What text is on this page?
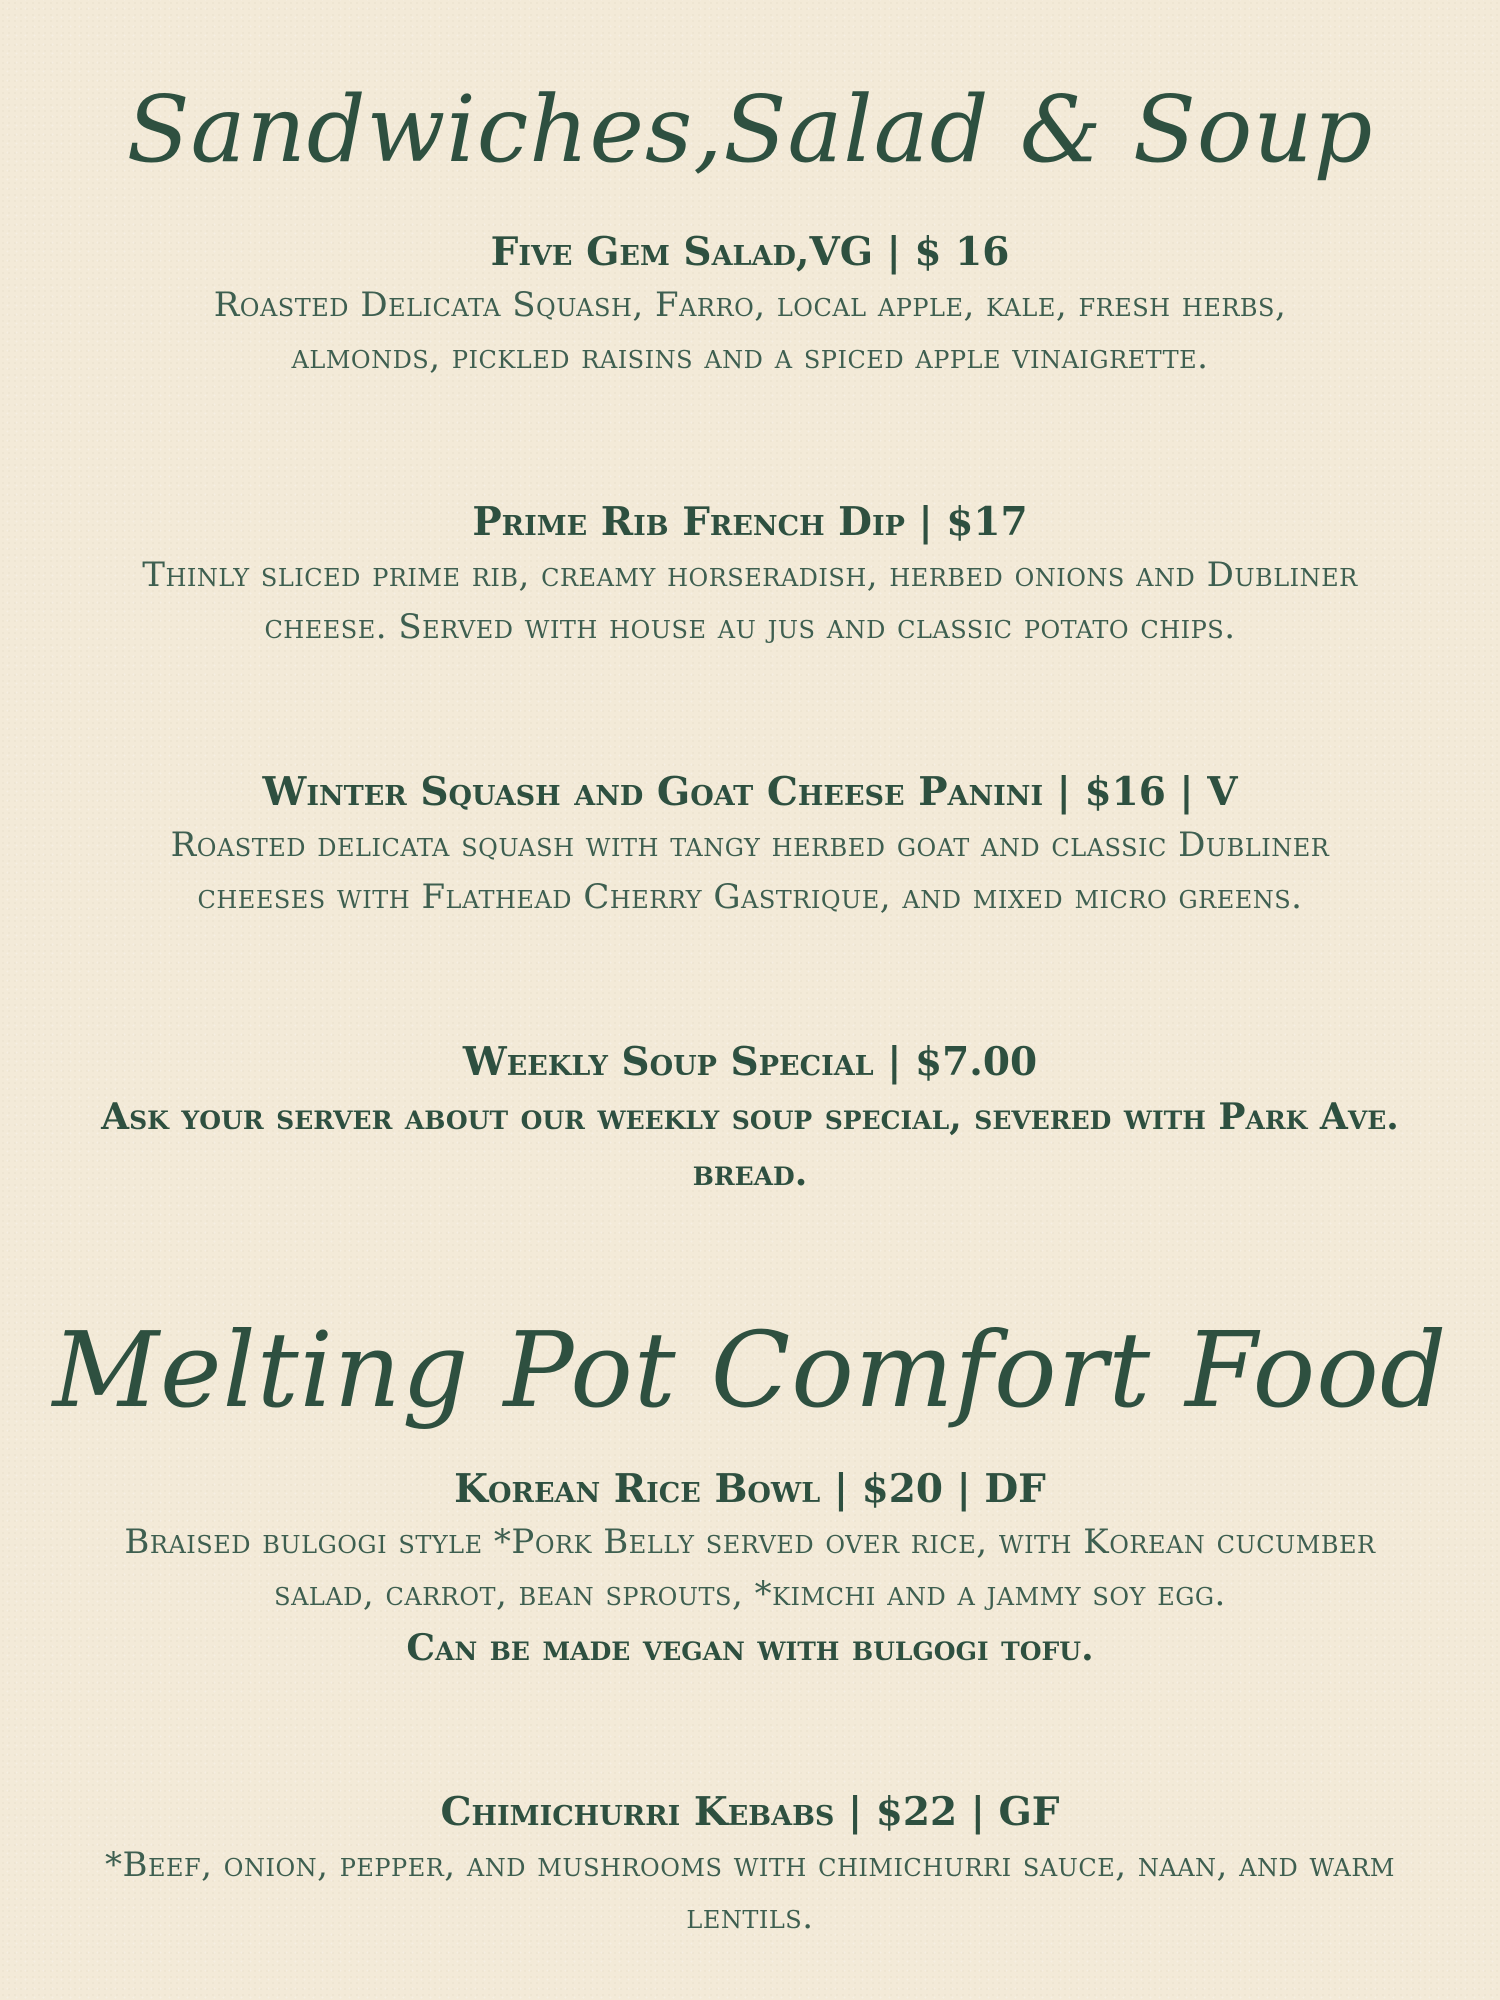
Sandwiches,Salad & Soup

Five Gem Salad,VG | $ 16

Roasted Delicata Squash, Farro, local apple, kale, fresh herbs, almonds, pickled raisins and a spiced apple vinaigrette.

Prime Rib French Dip | $17

Thinly sliced prime rib, creamy horseradish, herbed onions and Dubliner cheese. Served with house au jus and classic potato chips.

Winter Squash and Goat Cheese Panini | $16 | V

Roasted delicata squash with tangy herbed goat and classic Dubliner cheeses with Flathead Cherry Gastrique, and mixed micro greens.

Weekly Soup Special | $7.00

Ask your server about our weekly soup special, severed with Park Ave. bread.

Melting Pot Comfort Food

Korean Rice Bowl | $20 | DF

Braised bulgogi style *Pork Belly served over rice, with Korean cucumber salad, carrot, bean sprouts, *kimchi and a jammy soy egg.

Can be made vegan with bulgogi tofu.

Chimichurri Kebabs | $22 | GF

*Beef, onion, pepper, and mushrooms with chimichurri sauce, naan, and warm lentils.
